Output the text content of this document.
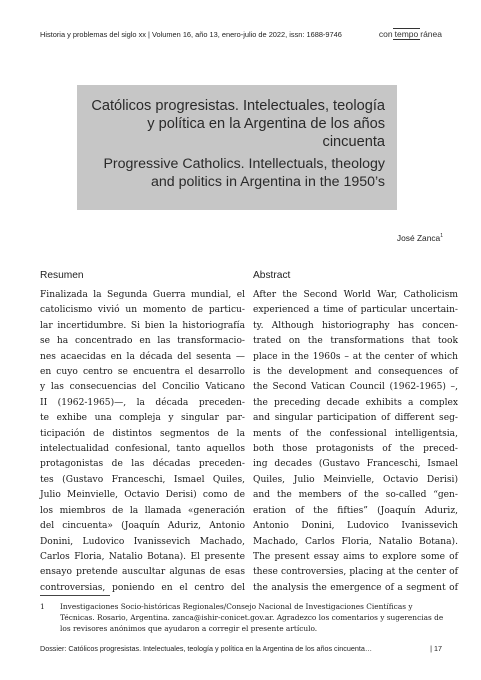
Historia y problemas del siglo xx | Volumen 16, año 13, enero-julio de 2022, issn: 1688-9746	con tempo ránea
Católicos progresistas. Intelectuales, teología y política en la Argentina de los años cincuenta
Progressive Catholics. Intellectuals, theology and politics in Argentina in the 1950’s
José Zanca$^1$
Resumen
Finalizada la Segunda Guerra mundial, el
catolicismo vivió un momento de particu-
lar incertidumbre. Si bien la historiografía
se ha concentrado en las transformacio-
nes acaecidas en la década del sesenta —
en cuyo centro se encuentra el desarrollo
y las consecuencias del Concilio Vaticano
II (1962-1965)—, la década preceden-
te exhibe una compleja y singular par-
ticipación de distintos segmentos de la
intelectualidad confesional, tanto aquellos
protagonistas de las décadas preceden-
tes (Gustavo Franceschi, Ismael Quiles,
Julio Meinvielle, Octavio Derisi) como de
los miembros de la llamada «generación
del cincuenta» (Joaquín Aduriz, Antonio
Donini, Ludovico Ivanissevich Machado,
Carlos Floria, Natalio Botana). El presente
ensayo pretende auscultar algunas de esas
controversias, poniendo en el centro del
Abstract
After the Second World War, Catholicism
experienced a time of particular uncertain-
ty. Although historiography has concen-
trated on the transformations that took
place in the 1960s – at the center of which
is the development and consequences of
the Second Vatican Council (1962-1965) –,
the preceding decade exhibits a complex
and singular participation of different seg-
ments of the confessional intelligentsia,
both those protagonists of the preced-
ing decades (Gustavo Franceschi, Ismael
Quiles, Julio Meinvielle, Octavio Derisi)
and the members of the so-called “gen-
eration of the fifties” (Joaquín Aduriz,
Antonio Donini, Ludovico Ivanissevich
Machado, Carlos Floria, Natalio Botana).
The present essay aims to explore some of
these controversies, placing at the center of
the analysis the emergence of a segment of
1 Investigaciones Socio-históricas Regionales/Consejo Nacional de Investigaciones Científicas y Técnicas. Rosario, Argentina. zanca@ishir-conicet.gov.ar. Agradezco los comentarios y sugerencias de los revisores anónimos que ayudaron a corregir el presente artículo.
Dossier: Católicos progresistas. Intelectuales, teología y política en la Argentina de los años cincuenta…	| 17
